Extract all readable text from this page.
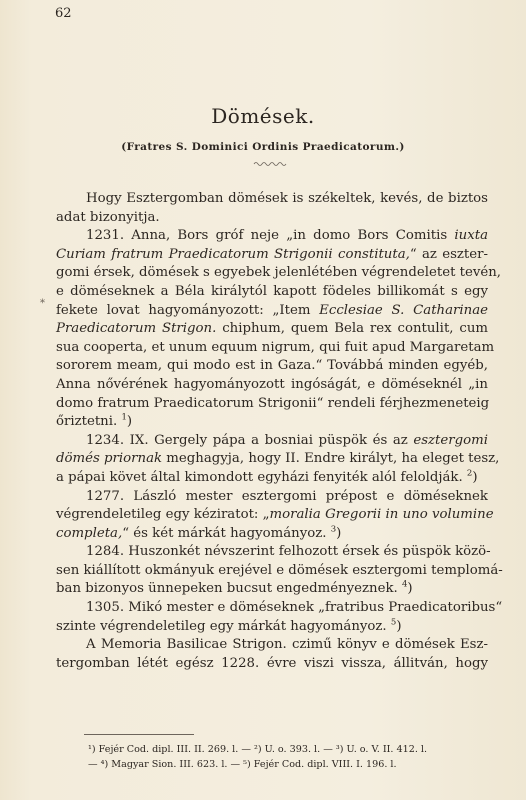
62
Dömések.
(Fratres S. Dominici Ordinis Praedicatorum.)
*

Hogy Esztergomban dömések is székeltek, kevés, de biztos
adat bizonyitja.

1231. Anna, Bors gróf neje „in domo Bors Comitis iuxta
Curiam fratrum Praedicatorum Strigonii constituta,“ az eszter-
gomi érsek, dömések s egyebek jelenlétében végrendeletet tevén,
e döméseknek a Béla királytól kapott födeles billikomát s egy
fekete lovat hagyományozott: „Item Ecclesiae S. Catharinae
Praedicatorum Strigon. chiphum, quem Bela rex contulit, cum
sua cooperta, et unum equum nigrum, qui fuit apud Margaretam
sororem meam, qui modo est in Gaza.“ Továbbá minden egyéb,
Anna nővérének hagyományozott ingóságát, e döméseknél „in
domo fratrum Praedicatorum Strigonii“ rendeli férjhezmeneteig
őriztetni. $^1$)

1234. IX. Gergely pápa a bosniai püspök és az esztergomi
dömés priornak meghagyja, hogy II. Endre királyt, ha eleget tesz,
a pápai követ által kimondott egyházi fenyiték alól feloldják. $^2$)

1277. László mester esztergomi prépost e döméseknek
végrendeletileg egy kéziratot: „moralia Gregorii in uno volumine
completa,“ és két márkát hagyományoz. $^3$)

1284. Huszonkét névszerint felhozott érsek és püspök közö-
sen kiállított okmányuk erejével e dömések esztergomi templomá-
ban bizonyos ünnepeken bucsut engedményeznek. $^4$)

1305. Mikó mester e döméseknek „fratribus Praedicatoribus“
szinte végrendeletileg egy márkát hagyományoz. $^5$)

A Memoria Basilicae Strigon. czimű könyv e dömések Esz-
tergomban létét egész 1228. évre viszi vissza, állitván, hogy

¹) Fejér Cod. dipl. III. II. 269. l. — ²) U. o. 393. l. — ³) U. o. V. II. 412. l.
— ⁴) Magyar Sion. III. 623. l. — ⁵) Fejér Cod. dipl. VIII. I. 196. l.
